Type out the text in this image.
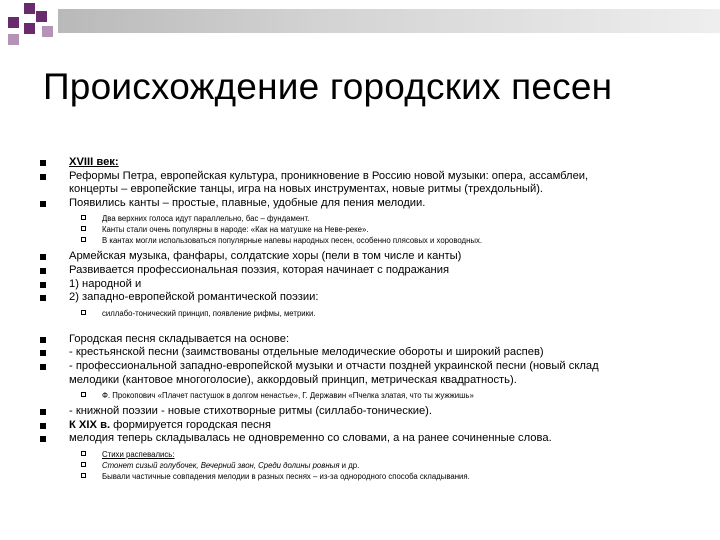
Происхождение городских песен
XVIII век:
Реформы Петра, европейская культура, проникновение в Россию новой музыки: опера, ассамблеи,
концерты – европейские танцы, игра на новых инструментах, новые ритмы (трехдольный).
Появились канты – простые, плавные, удобные для пения мелодии.
Два верхних голоса идут параллельно, бас – фундамент.
Канты стали очень популярны в народе: «Как на матушке на Неве-реке».
В кантах могли использоваться популярные напевы народных песен, особенно плясовых и хороводных.
Армейская музыка, фанфары, солдатские хоры (пели в том числе и канты)
Развивается профессиональная поэзия, которая начинает с подражания
1) народной и
2) западно-европейской романтической поэзии:
силлабо-тонический принцип, появление рифмы, метрики.
Городская песня складывается на основе:
- крестьянской песни (заимствованы отдельные мелодические обороты и широкий распев)
- профессиональной западно-европейской музыки и отчасти поздней украинской песни (новый склад
мелодики (кантовое многоголосие), аккордовый принцип, метрическая квадратность).
Ф. Прокопович «Плачет пастушок в долгом ненастье», Г. Державин «Пчелка златая, что ты жужжишь»
- книжной поэзии - новые стихотворные ритмы (силлабо-тонические).
К XIX в. формируется городская песня
мелодия теперь складывалась не одновременно со словами, а на ранее сочиненные слова.
Стихи распевались:
Стонет сизый голубочек, Вечерний звон, Среди долины ровныя и др.
Бывали частичные совпадения мелодии в разных песнях – из-за однородного способа складывания.
